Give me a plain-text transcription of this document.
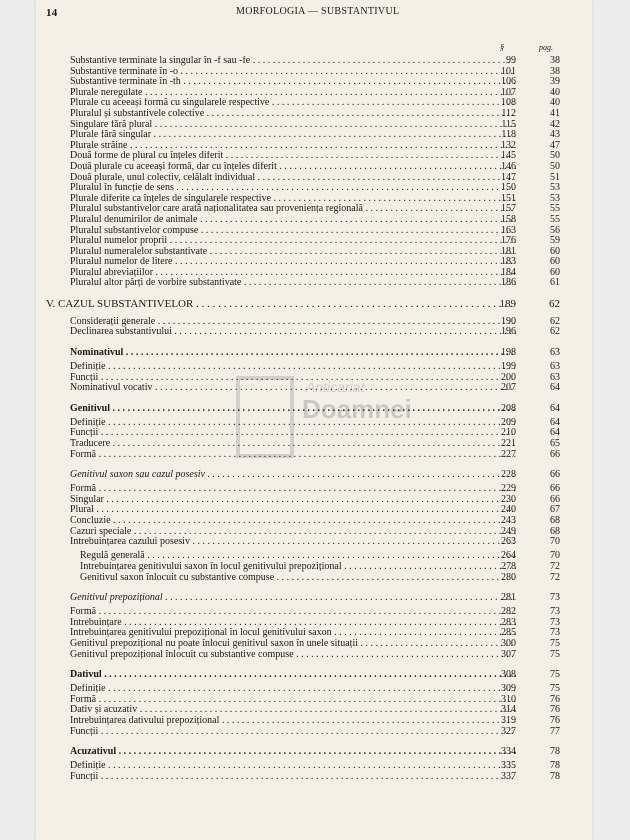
14	MORFOLOGIA — SUBSTANTIVUL
§	pag.
Anticariat
Doamnei
Substantive terminate la singular în -f sau -fe . . .	99	38
Substantive terminate în -o . . .	101	38
Substantive terminate în -th . . .	106	39
Plurale neregulate . . .	107	40
Plurale cu aceeași formă cu singularele respective . . .	108	40
Pluralul și substantivele colective . . .	112	41
Singulare fără plural . . .	115	42
Plurale fără singular . . .	118	43
Plurale străine . . .	132	47
Două forme de plural cu înțeles diferit . . .	145	50
Două plurale cu aceeași formă, dar cu înțeles diferit . . .	146	50
Două plurale, unul colectiv, celălalt individual . . .	147	51
Pluralul în funcție de sens . . .	150	53
Plurale diferite ca înțeles de singularele respective . . .	151	53
Pluralul substantivelor care arată naționalitatea sau proveniența regională . . .	157	55
Pluralul denumirilor de animale . . .	158	55
Pluralul substantivelor compuse . . .	163	56
Pluralul numelor proprii . . .	176	59
Pluralul numeralelor substantivate . . .	181	60
Pluralul numelor de litere . . .	183	60
Pluralul abreviațiilor . . .	184	60
Pluralul altor părți de vorbire substantivate . . .	186	61
V. CAZUL SUBSTANTIVELOR . . .	189	62
Considerații generale . . .	190	62
Declinarea substantivului . . .	196	62
Nominativul . . .	198	63
Definiție . . .	199	63
Funcții . . .	200	63
Nominativul vocativ . . .	207	64
Genitivul . . .	208	64
Definiție . . .	209	64
Funcții . . .	210	64
Traducere . . .	221	65
Formă . . .	227	66
Genitivul saxon sau cazul posesiv . . .	228	66
Formă . . .	229	66
Singular . . .	230	66
Plural . . .	240	67
Concluzie . . .	243	68
Cazuri speciale . . .	249	68
Întrebuințarea cazului posesiv . . .	263	70
Regulă generală . . .	264	70
Întrebuințarea genitivului saxon în locul genitivului prepozițional . . .	278	72
Genitivul saxon înlocuit cu substantive compuse . . .	280	72
Genitivul prepozițional . . .	281	73
Formă . . .	282	73
Întrebuințare . . .	283	73
Întrebuințarea genitivului prepozițional în locul genitivului saxon . . .	285	73
Genitivul prepozițional nu poate înlocui genitivul saxon în unele situații . . .	300	75
Genitivul prepozițional înlocuit cu substantive compuse . . .	307	75
Dativul . . .	308	75
Definiție . . .	309	75
Formă . . .	310	76
Dativ și acuzativ . . .	314	76
Întrebuințarea dativului prepozițional . . .	319	76
Funcții . . .	327	77
Acuzativul . . .	334	78
Definiție . . .	335	78
Funcții . . .	337	78
